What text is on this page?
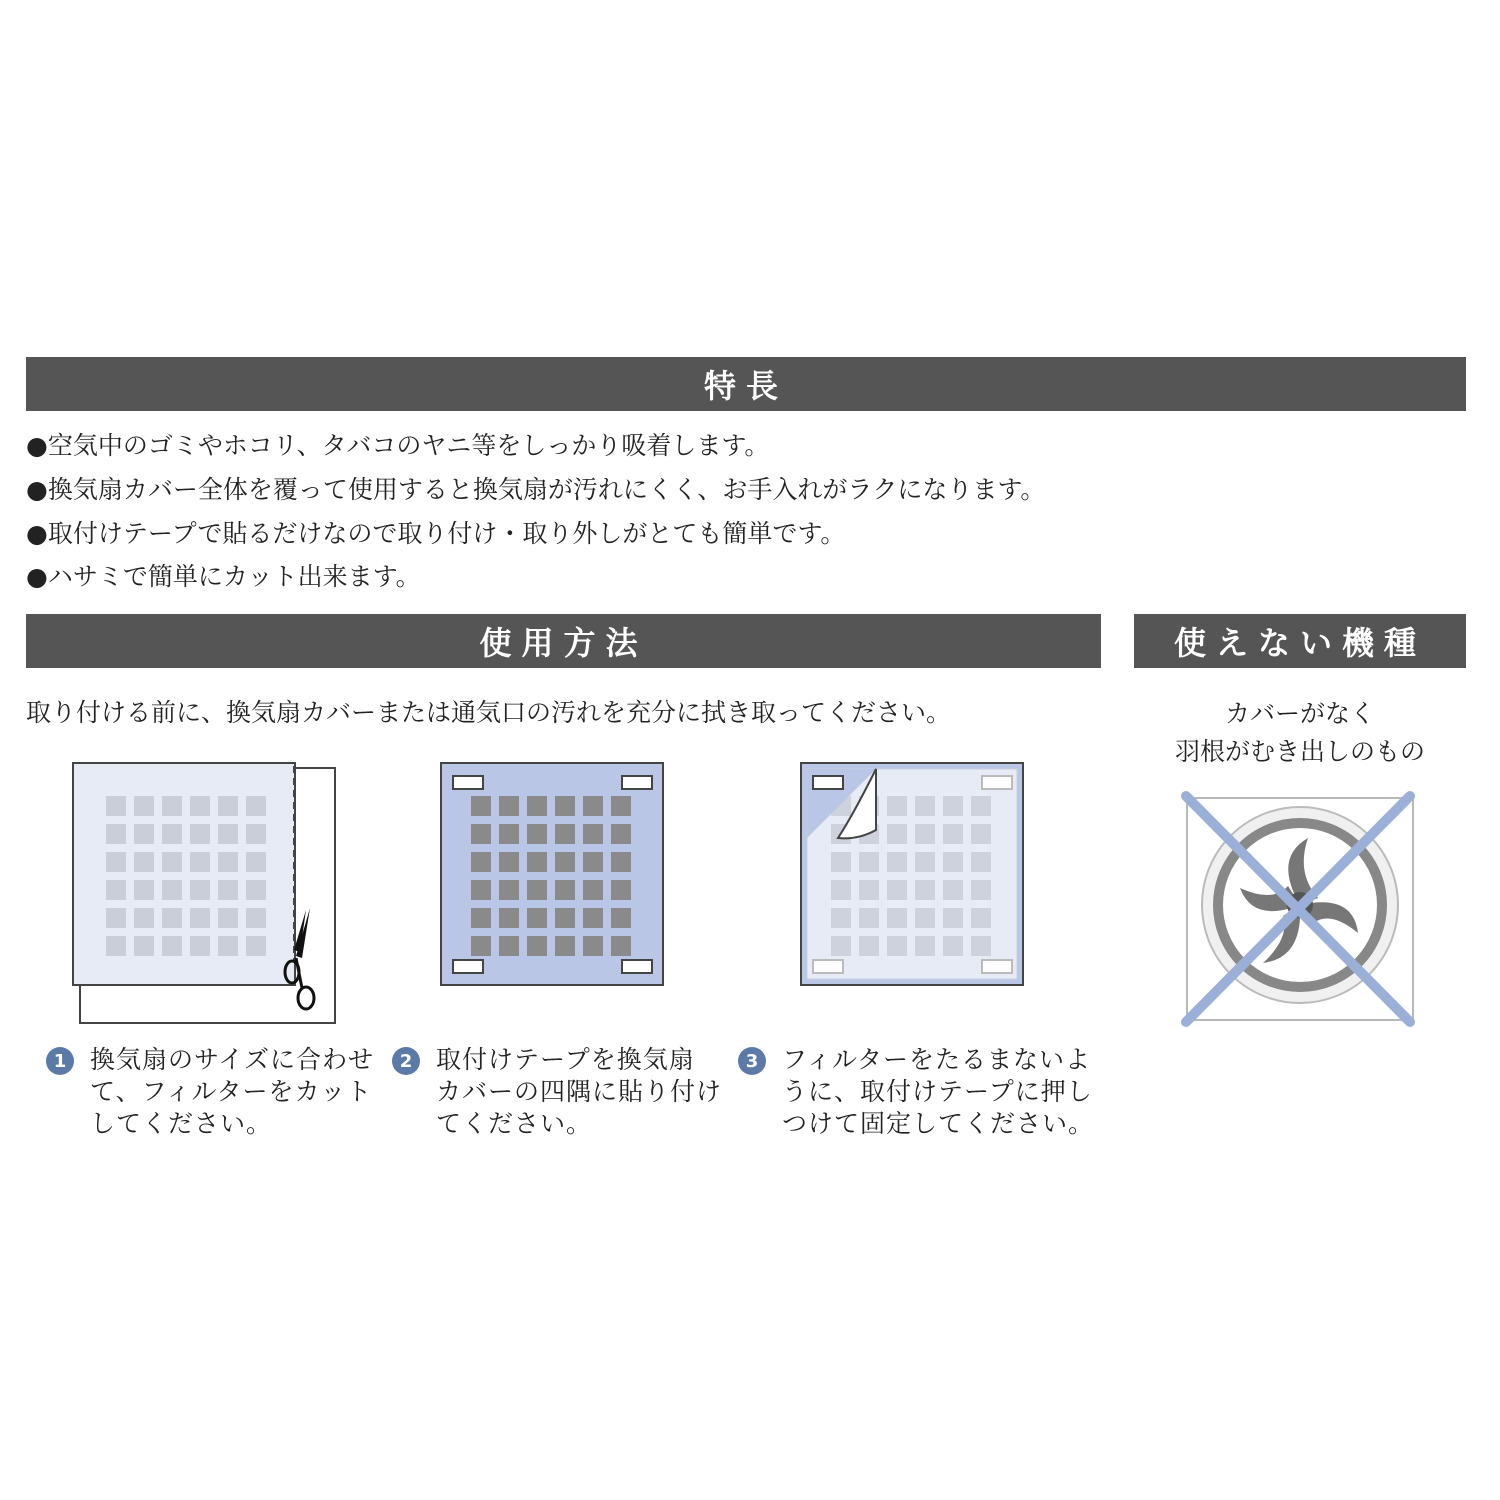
特長
●空気中のゴミやホコリ、タバコのヤニ等をしっかり吸着します。
●換気扇カバー全体を覆って使用すると換気扇が汚れにくく、お手入れがラクになります。
●取付けテープで貼るだけなので取り付け・取り外しがとても簡単です。
●ハサミで簡単にカット出来ます。
使用方法	使えない機種
取り付ける前に、換気扇カバーまたは通気口の汚れを充分に拭き取ってください。	カバーがなく
羽根がむき出しのもの
1 換気扇のサイズに合わせ
て、フィルターをカット
してください。
2 取付けテープを換気扇
カバーの四隅に貼り付け
てください。
3 フィルターをたるまないよ
うに、取付けテープに押し
つけて固定してください。
